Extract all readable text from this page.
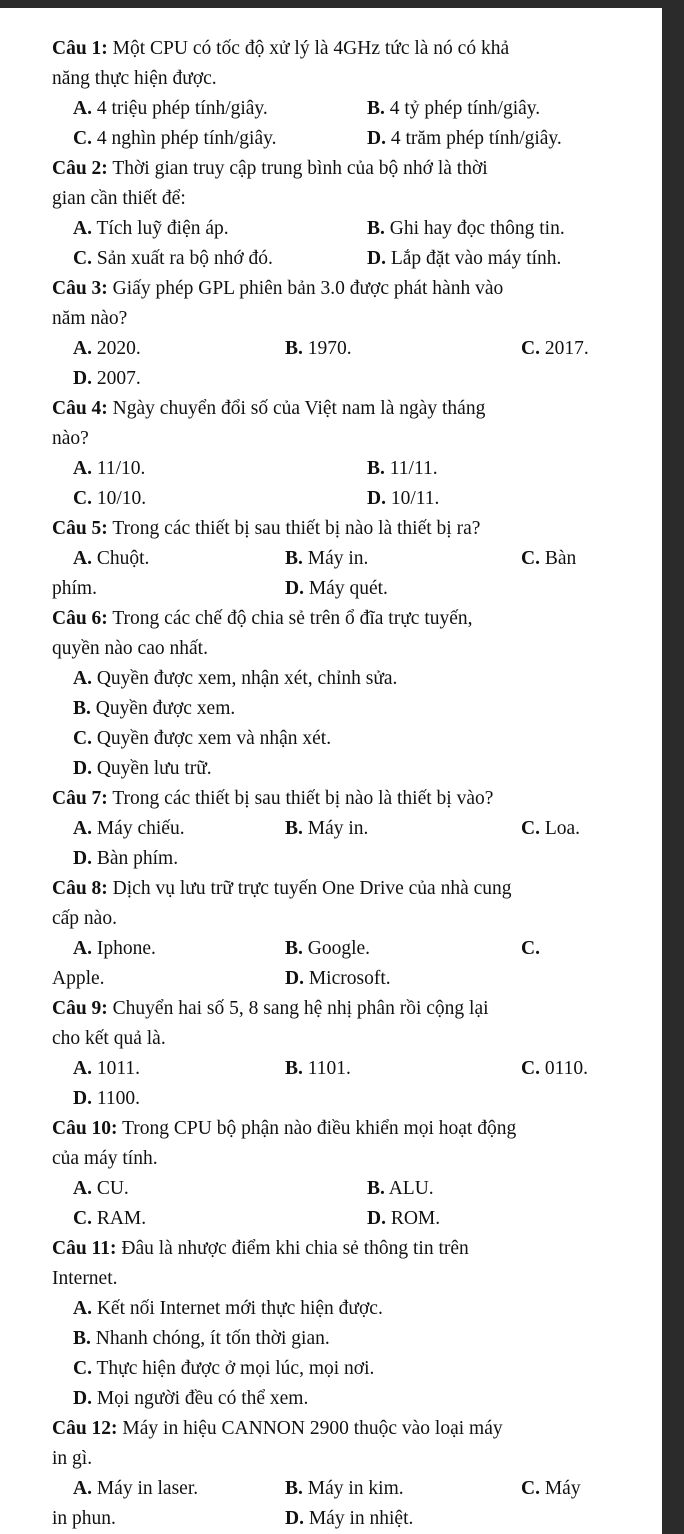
Câu 1: Một CPU có tốc độ xử lý là 4GHz tức là nó có khả
năng thực hiện được.
A. 4 triệu phép tính/giây.	B. 4 tỷ phép tính/giây.
C. 4 nghìn phép tính/giây.	D. 4 trăm phép tính/giây.
Câu 2: Thời gian truy cập trung bình của bộ nhớ là thời
gian cần thiết để:
A. Tích luỹ điện áp.	B. Ghi hay đọc thông tin.
C. Sản xuất ra bộ nhớ đó.	D. Lắp đặt vào máy tính.
Câu 3: Giấy phép GPL phiên bản 3.0 được phát hành vào
năm nào?
A. 2020.	B. 1970.	C. 2017.
D. 2007.
Câu 4: Ngày chuyển đổi số của Việt nam là ngày tháng
nào?
A. 11/10.	B. 11/11.
C. 10/10.	D. 10/11.
Câu 5: Trong các thiết bị sau thiết bị nào là thiết bị ra?
A. Chuột.	B. Máy in.	C. Bàn
phím.	D. Máy quét.
Câu 6: Trong các chế độ chia sẻ trên ổ đĩa trực tuyến,
quyền nào cao nhất.
A. Quyền được xem, nhận xét, chỉnh sửa.
B. Quyền được xem.
C. Quyền được xem và nhận xét.
D. Quyền lưu trữ.
Câu 7: Trong các thiết bị sau thiết bị nào là thiết bị vào?
A. Máy chiếu.	B. Máy in.	C. Loa.
D. Bàn phím.
Câu 8: Dịch vụ lưu trữ trực tuyến One Drive của nhà cung
cấp nào.
A. Iphone.	B. Google.	C.
Apple.	D. Microsoft.
Câu 9: Chuyển hai số 5, 8 sang hệ nhị phân rồi cộng lại
cho kết quả là.
A. 1011.	B. 1101.	C. 0110.
D. 1100.
Câu 10: Trong CPU bộ phận nào điều khiển mọi hoạt động
của máy tính.
A. CU.	B. ALU.
C. RAM.	D. ROM.
Câu 11: Đâu là nhược điểm khi chia sẻ thông tin trên
Internet.
A. Kết nối Internet mới thực hiện được.
B. Nhanh chóng, ít tốn thời gian.
C. Thực hiện được ở mọi lúc, mọi nơi.
D. Mọi người đều có thể xem.
Câu 12: Máy in hiệu CANNON 2900 thuộc vào loại máy
in gì.
A. Máy in laser.	B. Máy in kim.	C. Máy
in phun.	D. Máy in nhiệt.
